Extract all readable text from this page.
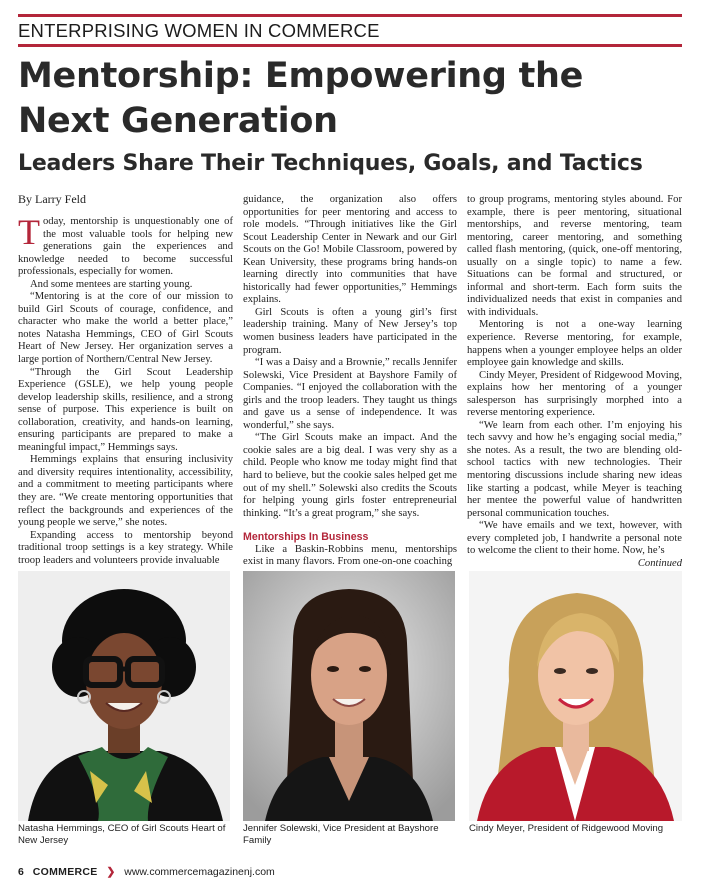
ENTERPRISING WOMEN IN COMMERCE
Mentorship: Empowering the
Next Generation
Leaders Share Their Techniques, Goals, and Tactics
By Larry Feld

Today, mentorship is unquestionably one of the most valuable tools for helping new generations gain the experiences and knowledge needed to become successful professionals, especially for women.

And some mentees are starting young.

“Mentoring is at the core of our mission to build Girl Scouts of courage, confidence, and character who make the world a better place,” notes Natasha Hemmings, CEO of Girl Scouts Heart of New Jersey. Her organization serves a large portion of Northern/Central New Jersey.

“Through the Girl Scout Leadership Experience (GSLE), we help young people develop leadership skills, resilience, and a strong sense of purpose. This experience is built on collaboration, creativity, and hands-on learning, ensuring participants are prepared to make a meaningful impact,” Hemmings says.

Hemmings explains that ensuring inclusivity and diversity requires intentionality, accessibility, and a commitment to meeting participants where they are. “We create mentoring opportunities that reflect the backgrounds and experiences of the young people we serve,” she notes.

Expanding access to mentorship beyond traditional troop settings is a key strategy. While troop leaders and volunteers provide invaluable

guidance, the organization also offers opportunities for peer mentoring and access to role models. “Through initiatives like the Girl Scout Leadership Center in Newark and our Girl Scouts on the Go! Mobile Classroom, powered by Kean University, these programs bring hands-on learning directly into communities that have historically had fewer opportunities,” Hemmings explains.

Girl Scouts is often a young girl’s first leadership training. Many of New Jersey’s top women business leaders have participated in the program.

“I was a Daisy and a Brownie,” recalls Jennifer Solewski, Vice President at Bayshore Family of Companies. “I enjoyed the collaboration with the girls and the troop leaders. They taught us things and gave us a sense of independence. It was wonderful,” she says.

“The Girl Scouts make an impact. And the cookie sales are a big deal. I was very shy as a child. People who know me today might find that hard to believe, but the cookie sales helped get me out of my shell.” Solewski also credits the Scouts for helping young girls foster entrepreneurial thinking. “It’s a great program,” she says.

Mentorships In Business

Like a Baskin-Robbins menu, mentorships exist in many flavors. From one-on-one coaching

to group programs, mentoring styles abound. For example, there is peer mentoring, situational mentorships, and reverse mentoring, team mentoring, career mentoring, and something called flash mentoring, (quick, one-off mentoring, usually on a single topic) to name a few. Situations can be formal and structured, or informal and short-term. Each form suits the individualized needs that exist in companies and with individuals.

Mentoring is not a one-way learning experience. Reverse mentoring, for example, happens when a younger employee helps an older employee gain knowledge and skills.

Cindy Meyer, President of Ridgewood Moving, explains how her mentoring of a younger salesperson has surprisingly morphed into a reverse mentoring experience.

“We learn from each other. I’m enjoying his tech savvy and how he’s engaging social media,” she notes. As a result, the two are blending old-school tactics with new technologies. Their mentoring discussions include sharing new ideas like starting a podcast, while Meyer is teaching her mentee the powerful value of handwritten personal communication touches.

“We have emails and we text, however, with every completed job, I handwrite a personal note to welcome the client to their home. Now, he’s

Continued
Natasha Hemmings, CEO of Girl Scouts Heart of New Jersey
Jennifer Solewski, Vice President at Bayshore Family
Cindy Meyer, President of Ridgewood Moving
6 COMMERCE ❯ www.commercemagazinenj.com
